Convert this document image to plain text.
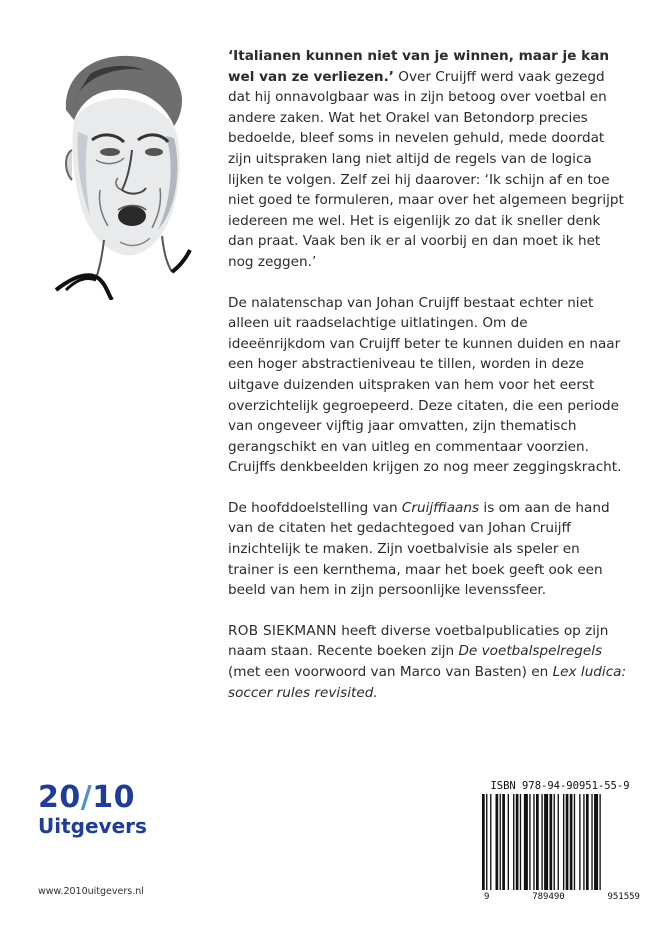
‘Italianen kunnen niet van je winnen, maar je kan wel van ze verliezen.’ Over Cruijff werd vaak gezegd dat hij onnavolgbaar was in zijn betoog over voetbal en andere zaken. Wat het Orakel van Betondorp precies bedoelde, bleef soms in nevelen gehuld, mede doordat zijn uitspraken lang niet altijd de regels van de logica lijken te volgen. Zelf zei hij daarover: ‘Ik schijn af en toe niet goed te formuleren, maar over het algemeen begrijpt iedereen me wel. Het is eigenlijk zo dat ik sneller denk dan praat. Vaak ben ik er al voorbij en dan moet ik het nog zeggen.’

De nalatenschap van Johan Cruijff bestaat echter niet alleen uit raadselachtige uitlatingen. Om de ideeënrijkdom van Cruijff beter te kunnen duiden en naar een hoger abstractieniveau te tillen, worden in deze uitgave duizenden uitspraken van hem voor het eerst overzichtelijk gegroepeerd. Deze citaten, die een periode van ongeveer vijftig jaar omvatten, zijn thematisch gerangschikt en van uitleg en commentaar voorzien. Cruijffs denkbeelden krijgen zo nog meer zeggingskracht.

De hoofddoelstelling van Cruijffiaans is om aan de hand van de citaten het gedachtegoed van Johan Cruijff inzichtelijk te maken. Zijn voetbalvisie als speler en trainer is een kernthema, maar het boek geeft ook een beeld van hem in zijn persoonlijke levenssfeer.

ROB SIEKMANN heeft diverse voetbalpublicaties op zijn naam staan. Recente boeken zijn De voetbalspelregels (met een voorwoord van Marco van Basten) en Lex ludica: soccer rules revisited.

20/10
Uitgevers
www.2010uitgevers.nl
ISBN 978-94-90951-55-9
9	789490	951559
